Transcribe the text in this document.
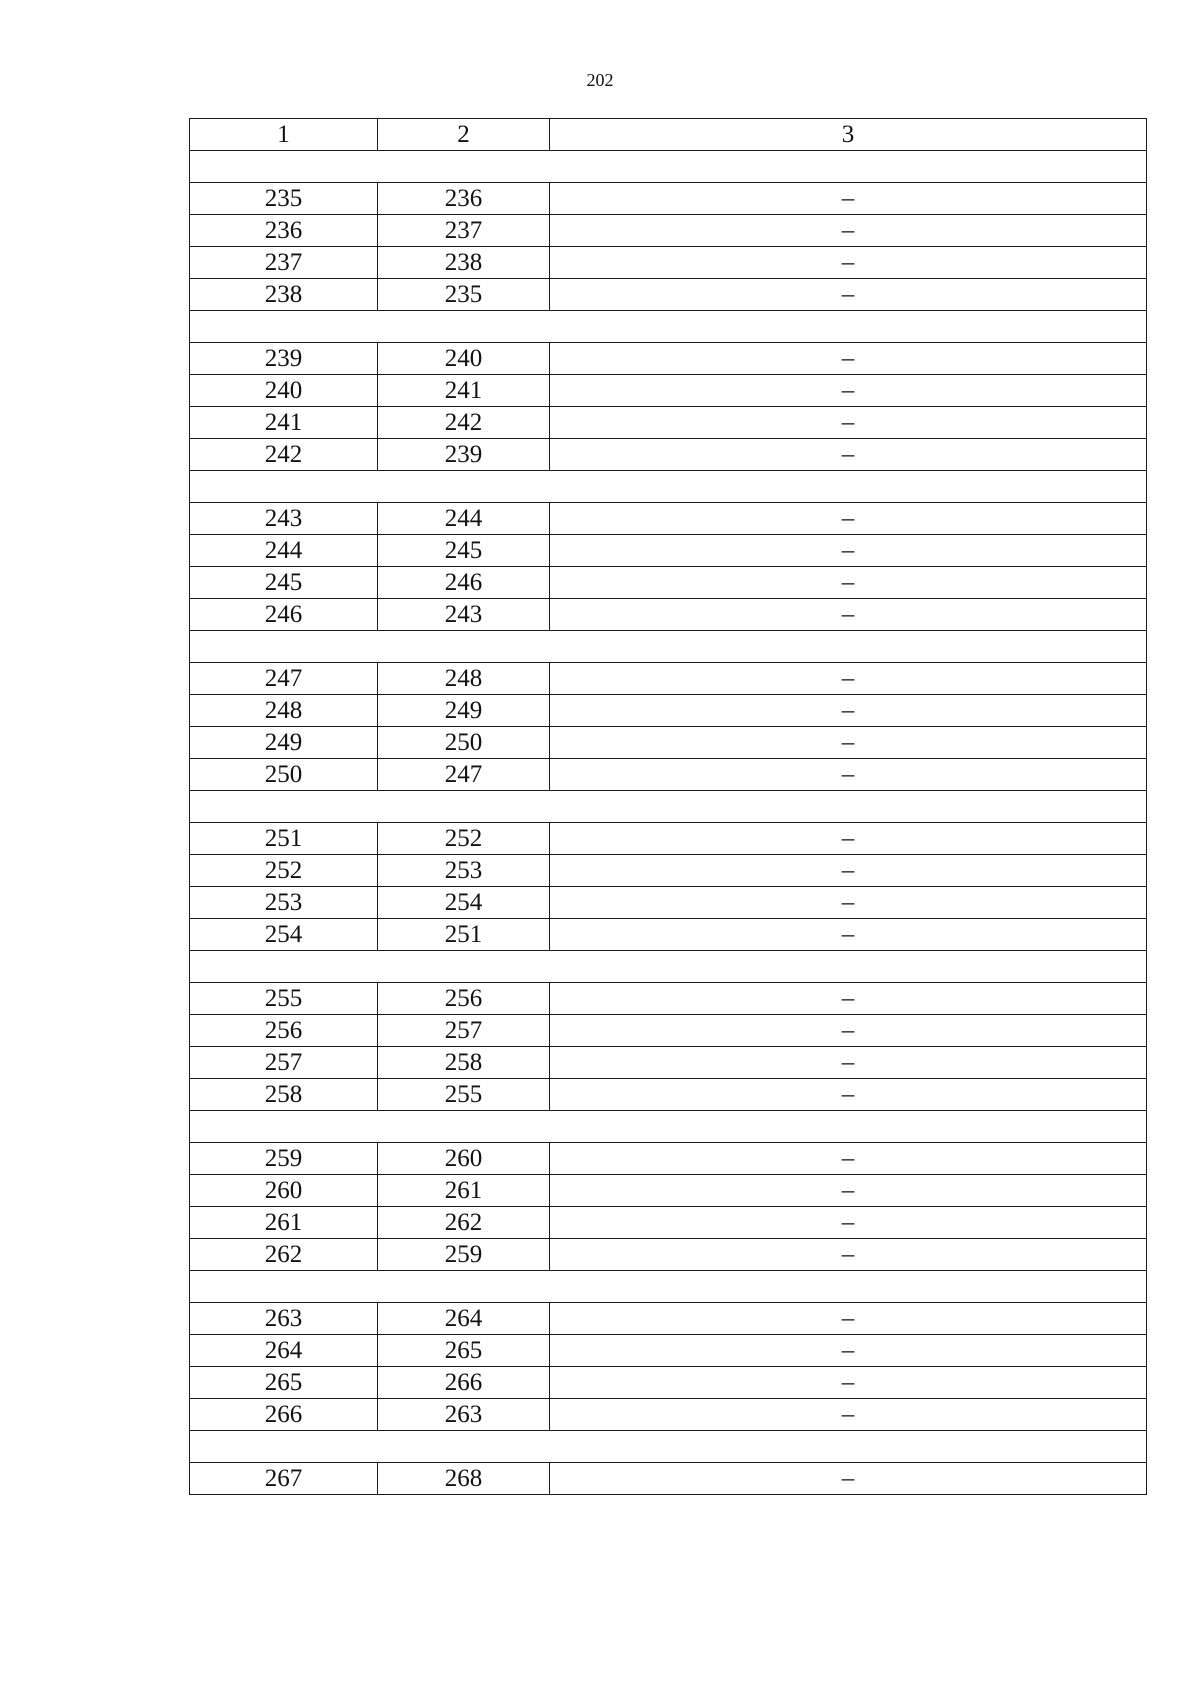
202
1	2	3

235	236	–
236	237	–
237	238	–
238	235	–

239	240	–
240	241	–
241	242	–
242	239	–

243	244	–
244	245	–
245	246	–
246	243	–

247	248	–
248	249	–
249	250	–
250	247	–

251	252	–
252	253	–
253	254	–
254	251	–

255	256	–
256	257	–
257	258	–
258	255	–

259	260	–
260	261	–
261	262	–
262	259	–

263	264	–
264	265	–
265	266	–
266	263	–

267	268	–
